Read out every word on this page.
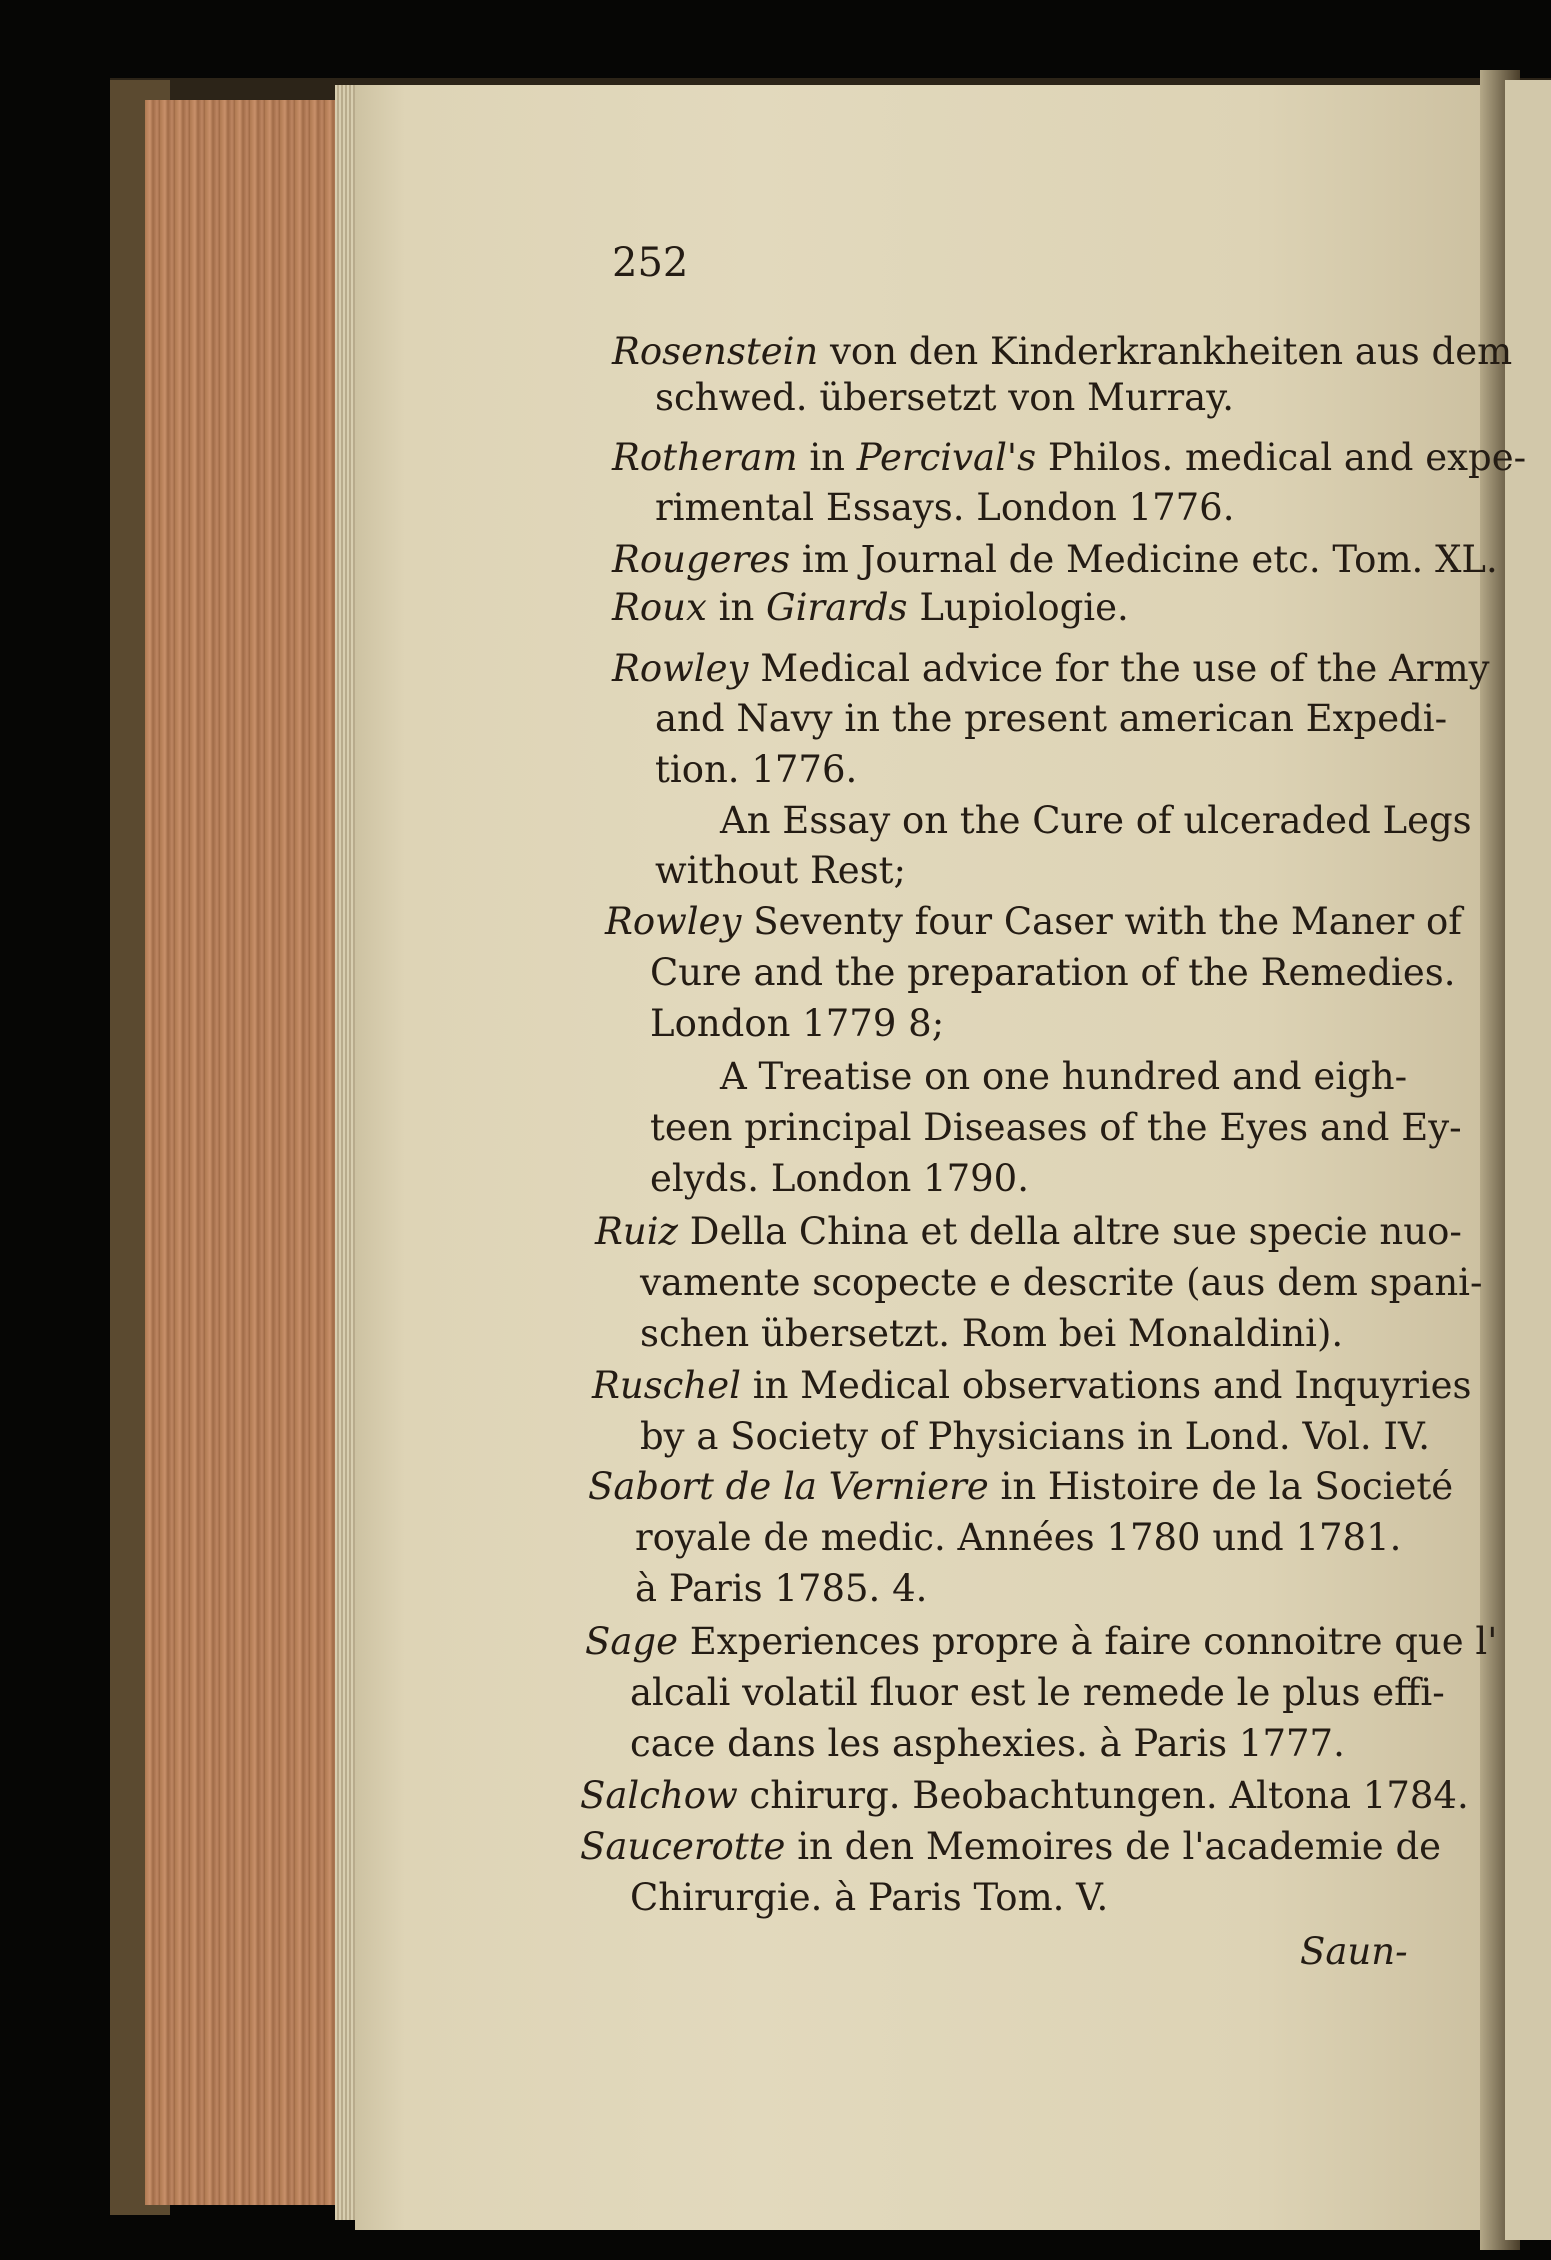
252
Rosenstein von den Kinderkrankheiten aus dem
schwed. übersetzt von Murray.
Rotheram in Percival's Philos. medical and expe-
rimental Essays. London 1776.
Rougeres im Journal de Medicine etc. Tom. XL.
Roux in Girards Lupiologie.
Rowley Medical advice for the use of the Army
and Navy in the present american Expedi-
tion. 1776.
An Essay on the Cure of ulceraded Legs
without Rest;
Rowley Seventy four Caser with the Maner of
Cure and the preparation of the Remedies.
London 1779 8;
A Treatise on one hundred and eigh-
teen principal Diseases of the Eyes and Ey-
elyds. London 1790.
Ruiz Della China et della altre sue specie nuo-
vamente scopecte e descrite (aus dem spani-
schen übersetzt. Rom bei Monaldini).
Ruschel in Medical observations and Inquyries
by a Society of Physicians in Lond. Vol. IV.
Sabort de la Verniere in Histoire de la Societé
royale de medic. Années 1780 und 1781.
à Paris 1785. 4.
Sage Experiences propre à faire connoitre que l'
alcali volatil fluor est le remede le plus effi-
cace dans les asphexies. à Paris 1777.
Salchow chirurg. Beobachtungen. Altona 1784.
Saucerotte in den Memoires de l'academie de
Chirurgie. à Paris Tom. V.
Saun-
